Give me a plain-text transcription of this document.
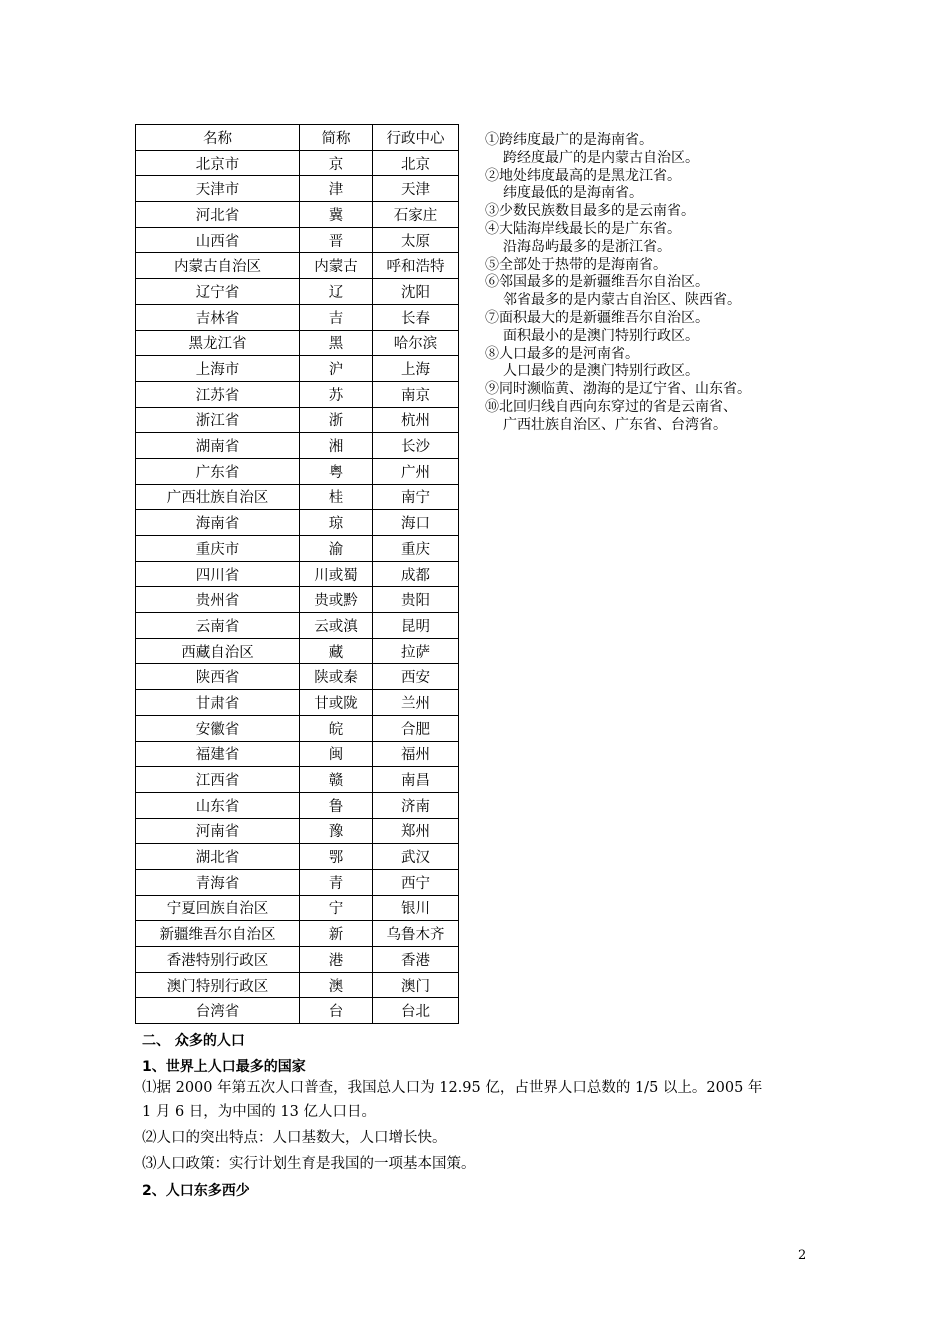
名称	简称	行政中心
北京市	京	北京
天津市	津	天津
河北省	冀	石家庄
山西省	晋	太原
内蒙古自治区	内蒙古	呼和浩特
辽宁省	辽	沈阳
吉林省	吉	长春
黑龙江省	黑	哈尔滨
上海市	沪	上海
江苏省	苏	南京
浙江省	浙	杭州
湖南省	湘	长沙
广东省	粤	广州
广西壮族自治区	桂	南宁
海南省	琼	海口
重庆市	渝	重庆
四川省	川或蜀	成都
贵州省	贵或黔	贵阳
云南省	云或滇	昆明
西藏自治区	藏	拉萨
陕西省	陕或秦	西安
甘肃省	甘或陇	兰州
安徽省	皖	合肥
福建省	闽	福州
江西省	赣	南昌
山东省	鲁	济南
河南省	豫	郑州
湖北省	鄂	武汉
青海省	青	西宁
宁夏回族自治区	宁	银川
新疆维吾尔自治区	新	乌鲁木齐
香港特别行政区	港	香港
澳门特别行政区	澳	澳门
台湾省	台	台北
①跨纬度最广的是海南省。
跨经度最广的是内蒙古自治区。
②地处纬度最高的是黑龙江省。
纬度最低的是海南省。
③少数民族数目最多的是云南省。
④大陆海岸线最长的是广东省。
沿海岛屿最多的是浙江省。
⑤全部处于热带的是海南省。
⑥邻国最多的是新疆维吾尔自治区。
邻省最多的是内蒙古自治区、陕西省。
⑦面积最大的是新疆维吾尔自治区。
面积最小的是澳门特别行政区。
⑧人口最多的是河南省。
人口最少的是澳门特别行政区。
⑨同时濒临黄、渤海的是辽宁省、山东省。
⑩北回归线自西向东穿过的省是云南省、
广西壮族自治区、广东省、台湾省。
二、 众多的人口
1、世界上人口最多的国家
⑴据 2000 年第五次人口普查，我国总人口为 12.95 亿，占世界人口总数的 1/5 以上。2005 年
1 月 6 日，为中国的 13 亿人口日。
⑵人口的突出特点：人口基数大，人口增长快。
⑶人口政策：实行计划生育是我国的一项基本国策。
2、人口东多西少
2
